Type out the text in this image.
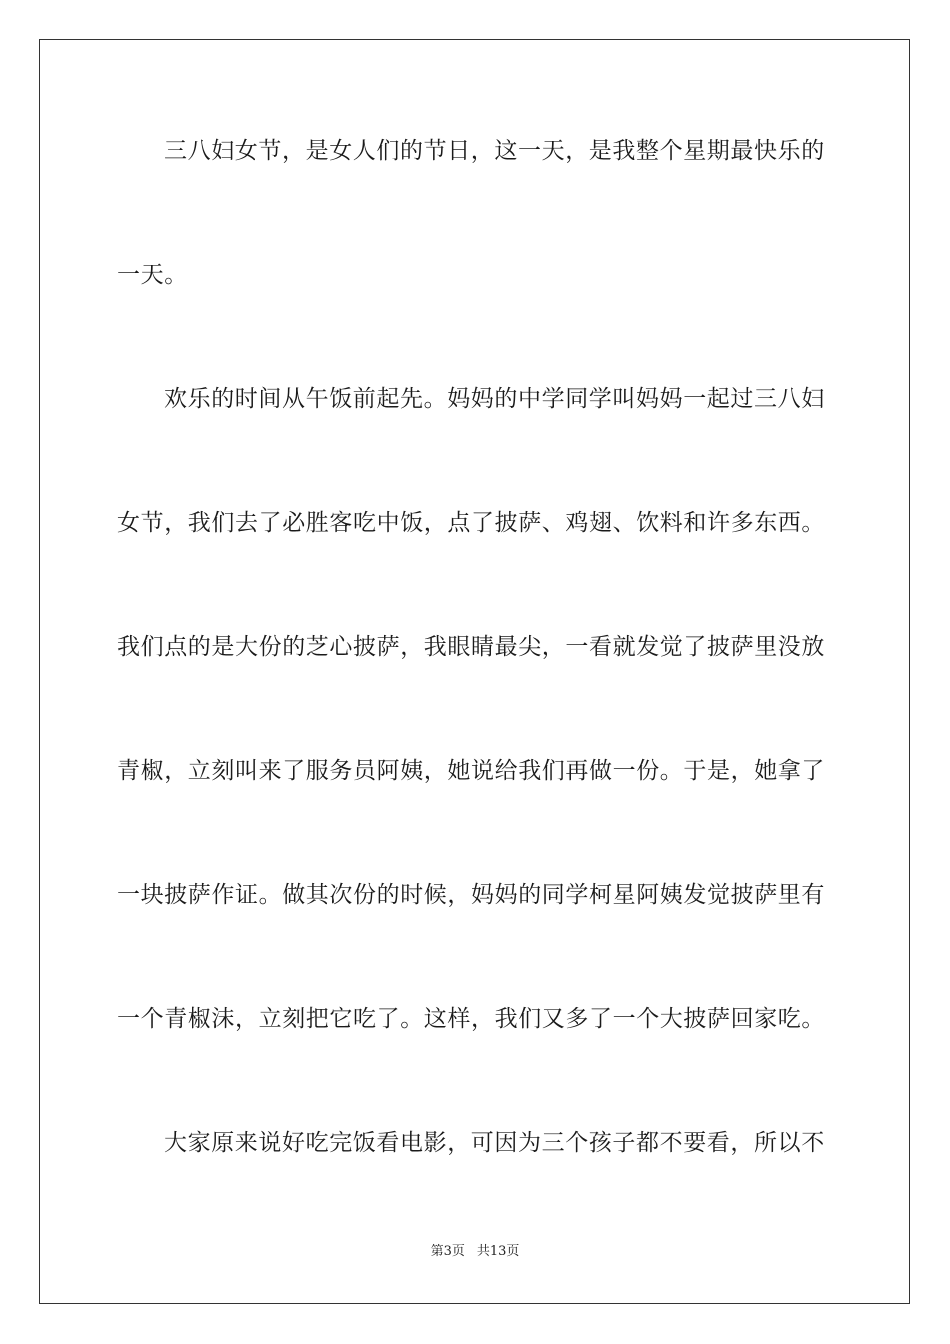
三八妇女节，是女人们的节日，这一天，是我整个星期最快乐的
一天。
欢乐的时间从午饭前起先。妈妈的中学同学叫妈妈一起过三八妇
女节，我们去了必胜客吃中饭，点了披萨、鸡翅、饮料和许多东西。
我们点的是大份的芝心披萨，我眼睛最尖，一看就发觉了披萨里没放
青椒，立刻叫来了服务员阿姨，她说给我们再做一份。于是，她拿了
一块披萨作证。做其次份的时候，妈妈的同学柯星阿姨发觉披萨里有
一个青椒沫，立刻把它吃了。这样，我们又多了一个大披萨回家吃。
大家原来说好吃完饭看电影，可因为三个孩子都不要看，所以不
第3页 共13页
